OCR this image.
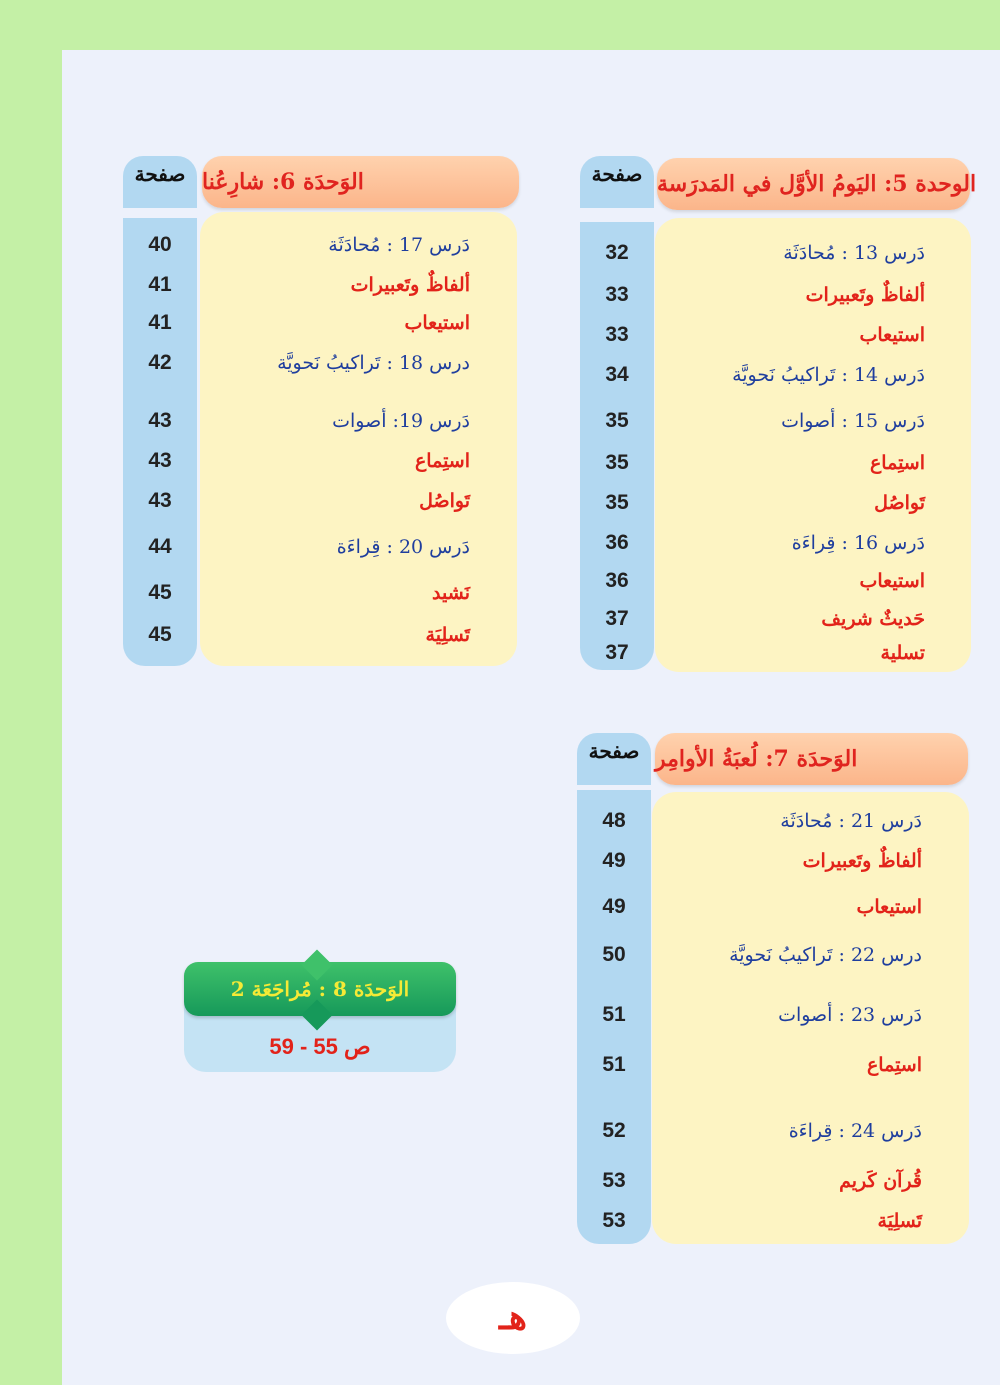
الوحدة 5: اليَومُ الأوَّل في المَدرَسة
صفحة
دَرس 13 : مُحادَثَة
32
ألفاظٌ وتَعبيرات
33
استيعاب
33
دَرس 14 : تَراكيبُ نَحويَّة
34
دَرس 15 : أصوات
35
استِماع
35
تَواصُل
35
دَرس 16 : قِراءَة
36
استيعاب
36
حَديثٌ شريف
37
تسلية
37
الوَحدَة 6: شارِعُنا
صفحة
دَرس 17 : مُحادَثَة
40
ألفاظٌ وتَعبيرات
41
استيعاب
41
درس 18 : تَراكيبُ نَحويَّة
42
دَرس 19: أصوات
43
استِماع
43
تَواصُل
43
دَرس 20 : قِراءَة
44
نَشيد
45
تَسلِيَة
45
الوَحدَة 7: لُعبَةُ الأوامِر
صفحة
دَرس 21 : مُحادَثَة
48
ألفاظٌ وتَعبيرات
49
استيعاب
49
درس 22 : تَراكيبُ نَحويَّة
50
دَرس 23 : أصوات
51
استِماع
51
دَرس 24 : قِراءَة
52
قُرآن كَريم
53
تَسلِيَة
53
الوَحدَة 8 : مُراجَعَة 2
ص 55 - 59
هـ
